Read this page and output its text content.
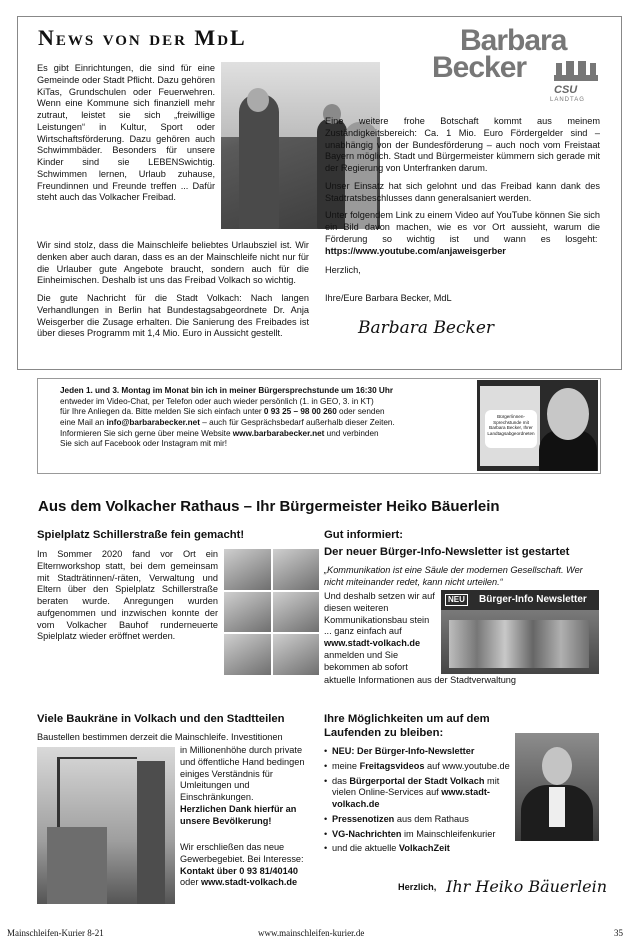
News von der MdL	Barbara
Becker
CSU
LANDTAG

Es gibt Einrichtungen, die sind für eine Gemeinde oder Stadt Pflicht. Dazu gehören KiTas, Grundschulen oder Feuerwehren. Wenn eine Kommune sich finanziell mehr zutraut, leistet sie sich „freiwillige Leistungen“ in Kultur, Sport oder Wirtschaftsförderung. Dazu gehören auch Schwimmbäder. Besonders für unsere Kinder sind sie LEBENSwichtig. Schwimmen lernen, Urlaub zuhause, Freundinnen und Freunde treffen ... Dafür steht auch das Volkacher Freibad.

Wir sind stolz, dass die Mainschleife beliebtes Urlaubsziel ist. Wir denken aber auch daran, dass es an der Mainschleife nicht nur für die Urlauber gute Angebote braucht, sondern auch für die Einheimischen. Deshalb ist uns das Freibad Volkach so wichtig.

Die gute Nachricht für die Stadt Volkach: Nach langen Verhandlungen in Berlin hat Bundestagsabgeordnete Dr. Anja Weisgerber die Zusage erhalten. Die Sanierung des Freibades ist über dieses Programm mit 1,4 Mio. Euro in Aussicht gestellt.

Eine weitere frohe Botschaft kommt aus meinem Zuständigkeitsbereich: Ca. 1 Mio. Euro Fördergelder sind – unabhängig von der Bundesförderung – auch noch vom Freistaat Bayern möglich. Stadt und Bürgermeister kümmern sich gerade mit der Regierung von Unterfranken darum.

Unser Einsatz hat sich gelohnt und das Freibad kann dank des Stadtratsbeschlusses dann generalsaniert werden.

Unter folgendem Link zu einem Video auf YouTube können Sie sich ein Bild davon machen, wie es vor Ort aussieht, warum die Förderung so wichtig ist und wann es losgeht:  https://www.youtube.com/anjaweisgerber

Herzlich,

Ihre/Eure Barbara Becker, MdL

Barbara Becker
Jeden 1. und 3. Montag im Monat bin ich in meiner Bürgersprechstunde um 16:30 Uhr
entweder im Video-Chat, per Telefon oder auch wieder persönlich (1. in GEO, 3. in KT)
für Ihre Anliegen da. Bitte melden Sie sich einfach unter 0 93 25 – 98 00 260 oder senden
eine Mail an info@barbarabecker.net – auch für Gesprächsbedarf außerhalb dieser Zeiten.
Informieren Sie sich gerne über meine Website www.barbarabecker.net und verbinden
Sie sich auf Facebook oder Instagram mit mir!
Bürger/innen-Sprechstunde mit Barbara Becker, Ihrer Landtagsabgeordneten
Aus dem Volkacher Rathaus – Ihr Bürgermeister Heiko Bäuerlein
Spielplatz Schillerstraße fein gemacht!
Im Sommer 2020 fand vor Ort ein Elternworkshop statt, bei dem gemeinsam mit Stadträtinnen/-räten, Verwaltung und Eltern über den Spielplatz Schillerstraße beraten wurde. Anregungen wurden aufgenommen und inzwischen konnte der vom Volkacher Bauhof runderneuerte Spielplatz wieder eröffnet werden.
Gut informiert:
Der neuer Bürger-Info-Newsletter ist gestartet
„Kommunikation ist eine Säule der modernen Gesellschaft. Wer nicht miteinander redet, kann nicht urteilen.“
Und deshalb setzen wir auf diesen weiteren Kommunikationsbau stein ... ganz einfach auf
www.stadt-volkach.de
anmelden und Sie bekommen ab sofort
aktuelle Informationen aus der Stadtverwaltung
NEU	Bürger-Info Newsletter
Viele Baukräne in Volkach und den Stadtteilen
Baustellen bestimmen derzeit die Mainschleife. Investitionen
in Millionenhöhe durch private und öffentliche Hand bedingen einiges Verständnis für Umleitungen und Einschränkungen.
Herzlichen Dank hierfür an unsere Bevölkerung!
Wir erschließen das neue Gewerbegebiet. Bei Interesse:
Kontakt über 0 93 81/40140
oder www.stadt-volkach.de
Ihre Möglichkeiten um auf dem Laufenden zu bleiben:
• NEU: Der Bürger-Info-Newsletter
• meine Freitagsvideos auf www.youtube.de
• das Bürgerportal der Stadt Volkach mit vielen Online-Services auf www.stadt-volkach.de
• Pressenotizen aus dem Rathaus
• VG-Nachrichten im Mainschleifenkurier
• und die aktuelle VolkachZeit
Herzlich, Ihr Heiko Bäuerlein
Mainschleifen-Kurier 8-21	www.mainschleifen-kurier.de	35
